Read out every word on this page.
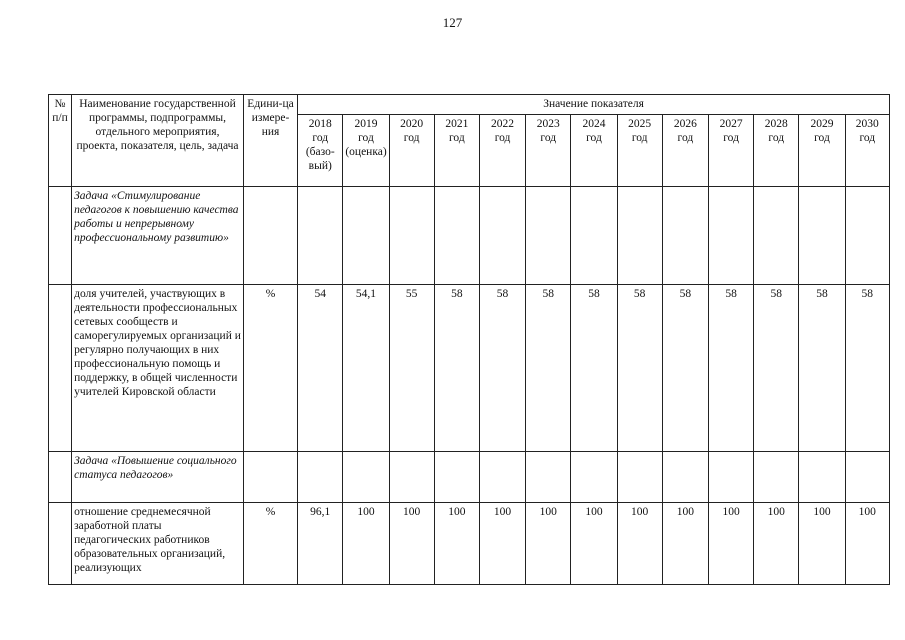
127
№ п/п	Наименование государственной программы, подпрограммы, отдельного мероприятия, проекта, показателя, цель, задача	Едини-ца измере-ния	Значение показателя												
			2018 год (базо-вый)	2019 год (оценка)	2020 год	2021 год	2022 год	2023 год	2024 год	2025 год	2026 год	2027 год	2028 год	2029 год	2030 год
	Задача «Стимулирование педагогов к повышению качества работы и непрерывному профессиональному развитию»														
	доля учителей, участвующих в деятельности профессиональных сетевых сообществ и саморегулируемых организаций и регулярно получающих в них профессиональную помощь и поддержку, в общей численности учителей Кировской области	%	54	54,1	55	58	58	58	58	58	58	58	58	58	58
	Задача «Повышение социального статуса педагогов»														
	отношение среднемесячной заработной платы педагогических работников образовательных организаций, реализующих	%	96,1	100	100	100	100	100	100	100	100	100	100	100	100
